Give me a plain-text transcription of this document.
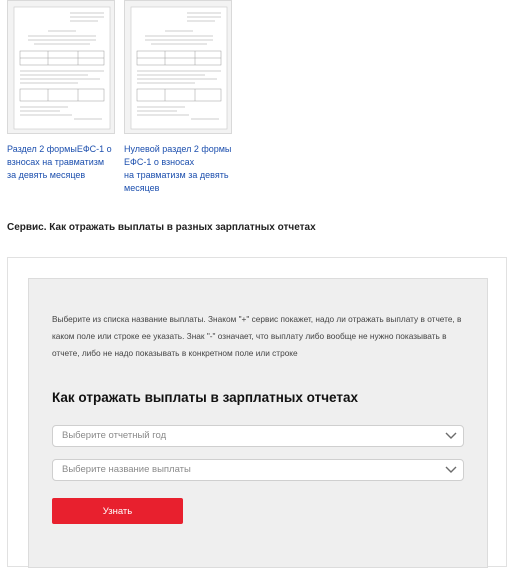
Раздел 2 формыЕФС-1 о
взносах на травматизм
за девять месяцев
Нулевой раздел 2 формы
ЕФС-1 о взносах
на травматизм за девять
месяцев
Сервис. Как отражать выплаты в разных зарплатных отчетах

Выберите из списка название выплаты. Знаком "+" сервис покажет, надо ли отражать выплату в отчете, в каком поле или строке ее указать. Знак "-" означает, что выплату либо вообще не нужно показывать в отчете, либо не надо показывать в конкретном поле или строке

Как отражать выплаты в зарплатных отчетах
Выберите отчетный год
Выберите название выплаты
Узнать
